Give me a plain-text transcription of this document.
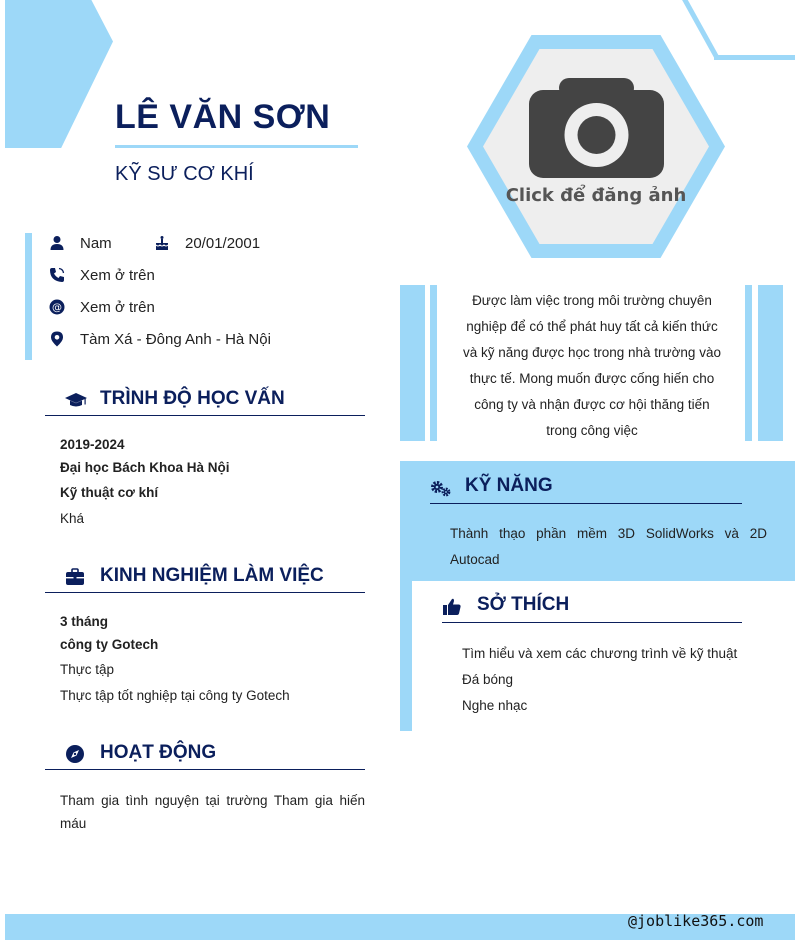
LÊ VĂN SƠN
KỸ SƯ CƠ KHÍ
Click để đăng ảnh
Nam	20/01/2001
Xem ở trên
@ Xem ở trên
Tàm Xá - Đông Anh - Hà Nội
TRÌNH ĐỘ HỌC VẤN
2019-2024
Đại học Bách Khoa Hà Nội
Kỹ thuật cơ khí
Khá
KINH NGHIỆM LÀM VIỆC
3 tháng
công ty Gotech
Thực tập
Thực tập tốt nghiệp tại công ty Gotech
HOẠT ĐỘNG
Tham gia tình nguyện tại trường Tham gia hiến máu
Được làm việc trong môi trường chuyên nghiệp để có thể phát huy tất cả kiến thức và kỹ năng được học trong nhà trường vào thực tế. Mong muốn được cống hiến cho công ty và nhận được cơ hội thăng tiến trong công việc
KỸ NĂNG
Thành thạo phần mềm 3D SolidWorks và 2D Autocad
SỞ THÍCH
Tìm hiểu và xem các chương trình về kỹ thuật
Đá bóng
Nghe nhạc
@joblike365.com
